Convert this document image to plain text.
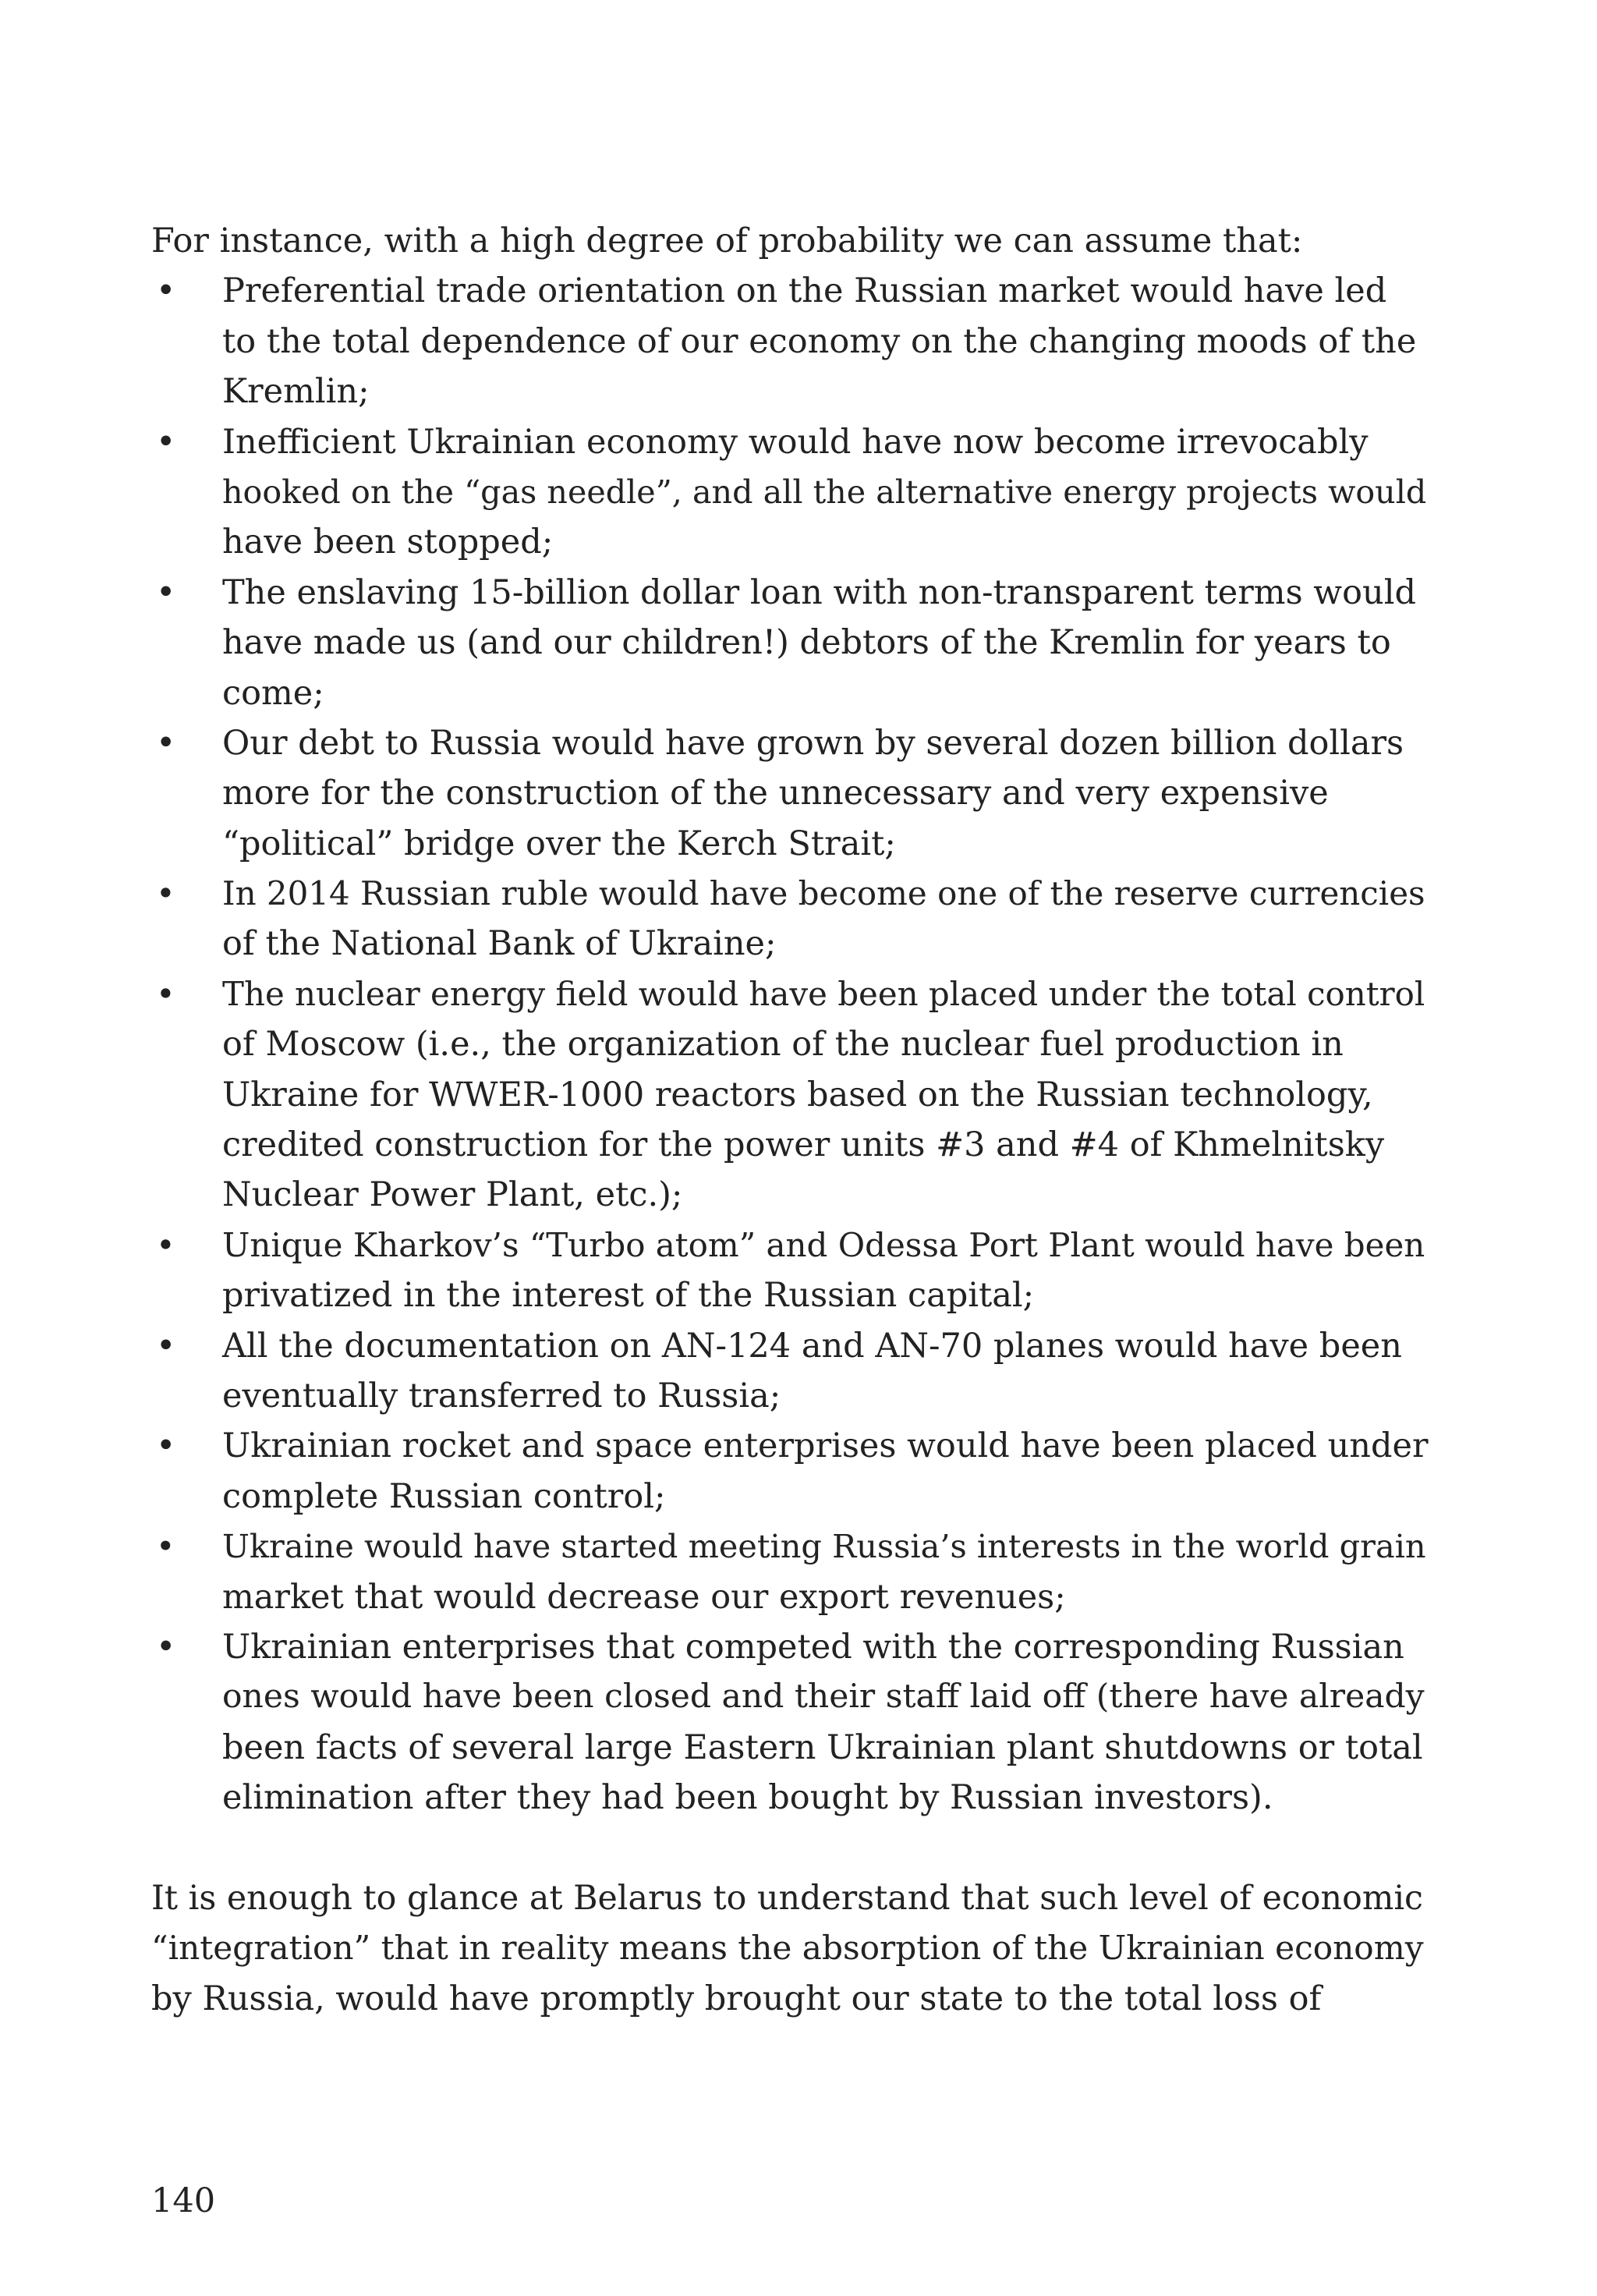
For instance, with a high degree of probability we can assume that:
• Preferential trade orientation on the Russian market would have led
to the total dependence of our economy on the changing moods of the
Kremlin;
• Inefficient Ukrainian economy would have now become irrevocably
hooked on the “gas needle”, and all the alternative energy projects would
have been stopped;
• The enslaving 15-billion dollar loan with non-transparent terms would
have made us (and our children!) debtors of the Kremlin for years to
come;
• Our debt to Russia would have grown by several dozen billion dollars
more for the construction of the unnecessary and very expensive
“political” bridge over the Kerch Strait;
• In 2014 Russian ruble would have become one of the reserve currencies
of the National Bank of Ukraine;
• The nuclear energy field would have been placed under the total control
of Moscow (i.e., the organization of the nuclear fuel production in
Ukraine for WWER-1000 reactors based on the Russian technology,
credited construction for the power units #3 and #4 of Khmelnitsky
Nuclear Power Plant, etc.);
• Unique Kharkov’s “Turbo atom” and Odessa Port Plant would have been
privatized in the interest of the Russian capital;
• All the documentation on AN-124 and AN-70 planes would have been
eventually transferred to Russia;
• Ukrainian rocket and space enterprises would have been placed under
complete Russian control;
• Ukraine would have started meeting Russia’s interests in the world grain
market that would decrease our export revenues;
• Ukrainian enterprises that competed with the corresponding Russian
ones would have been closed and their staff laid off (there have already
been facts of several large Eastern Ukrainian plant shutdowns or total
elimination after they had been bought by Russian investors).
It is enough to glance at Belarus to understand that such level of economic
“integration” that in reality means the absorption of the Ukrainian economy
by Russia, would have promptly brought our state to the total loss of
140
